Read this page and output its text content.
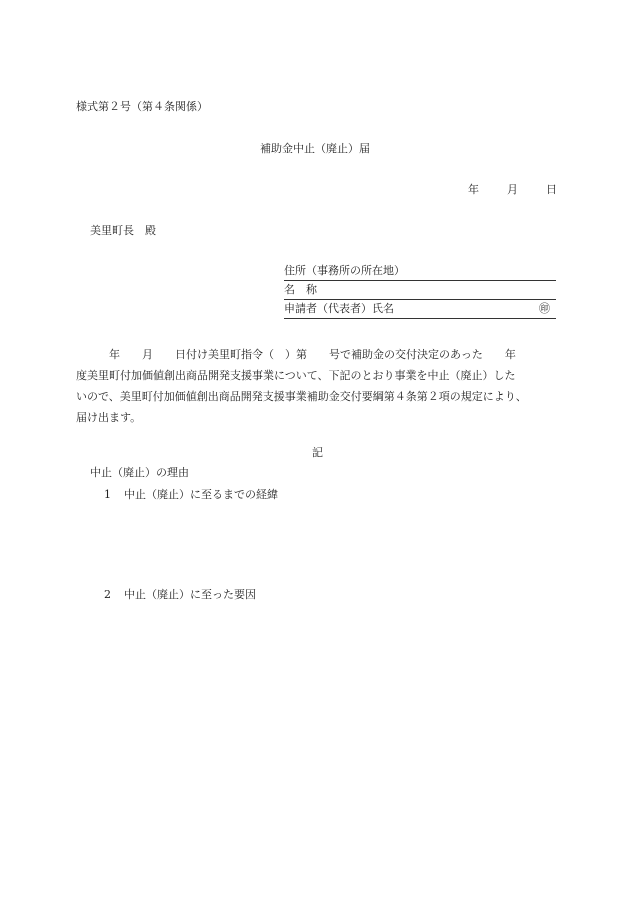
様式第２号（第４条関係）
補助金中止（廃止）届
年	月	日
美里町長　殿
住所（事務所の所在地）
名　称
申請者（代表者）氏名	㊞
　　　年　　月　　日付け美里町指令（　）第　　号で補助金の交付決定のあった　　年
度美里町付加価値創出商品開発支援事業について、下記のとおり事業を中止（廃止）した
いので、美里町付加価値創出商品開発支援事業補助金交付要綱第４条第２項の規定により、
届け出ます。
記
中止（廃止）の理由
1 中止（廃止）に至るまでの経緯
2 中止（廃止）に至った要因
